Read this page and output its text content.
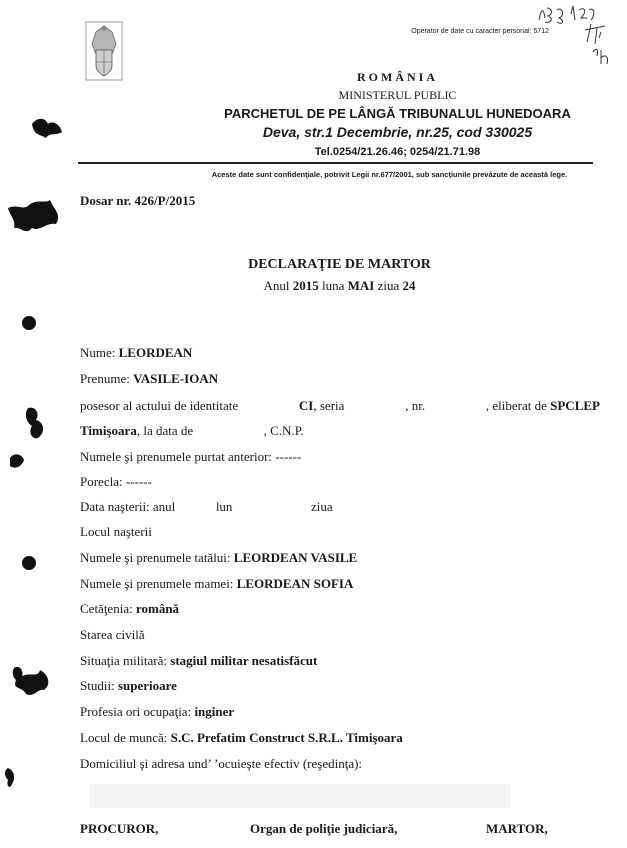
Operator de date cu caracter personal: 5712
ROMÂNIA
MINISTERUL PUBLIC
PARCHETUL DE PE LÂNGĂ TRIBUNALUL HUNEDOARA
Deva, str.1 Decembrie, nr.25, cod 330025
Tel.0254/21.26.46; 0254/21.71.98
Aceste date sunt confidenţiale, potrivit Legii nr.677/2001, sub sancţiunile prevăzute de această lege.
Dosar nr. 426/P/2015
DECLARAŢIE DE MARTOR
Anul 2015 luna MAI ziua 24
Nume: LEORDEAN
Prenume: VASILE-IOAN
posesor al actului de identitate	CI, seria	, nr.	, eliberat de SPCLEP
Timişoara, la data de	, C.N.P.
Numele şi prenumele purtat anterior: ------
Porecla: ------
Data naşterii: anul	lun	ziua
Locul naşterii
Numele şi prenumele tatălui: LEORDEAN VASILE
Numele şi prenumele mamei: LEORDEAN SOFIA
Cetăţenia: română
Starea civilă
Situaţia militară: stagiul militar nesatisfăcut
Studii: superioare
Profesia ori ocupaţia: inginer
Locul de muncă: S.C. Prefatim Construct S.R.L. Timişoara
Domiciliul şi adresa und’ ’ocuieşte efectiv (reşedinţa):
PROCUROR,	Organ de poliţie judiciară,	MARTOR,
